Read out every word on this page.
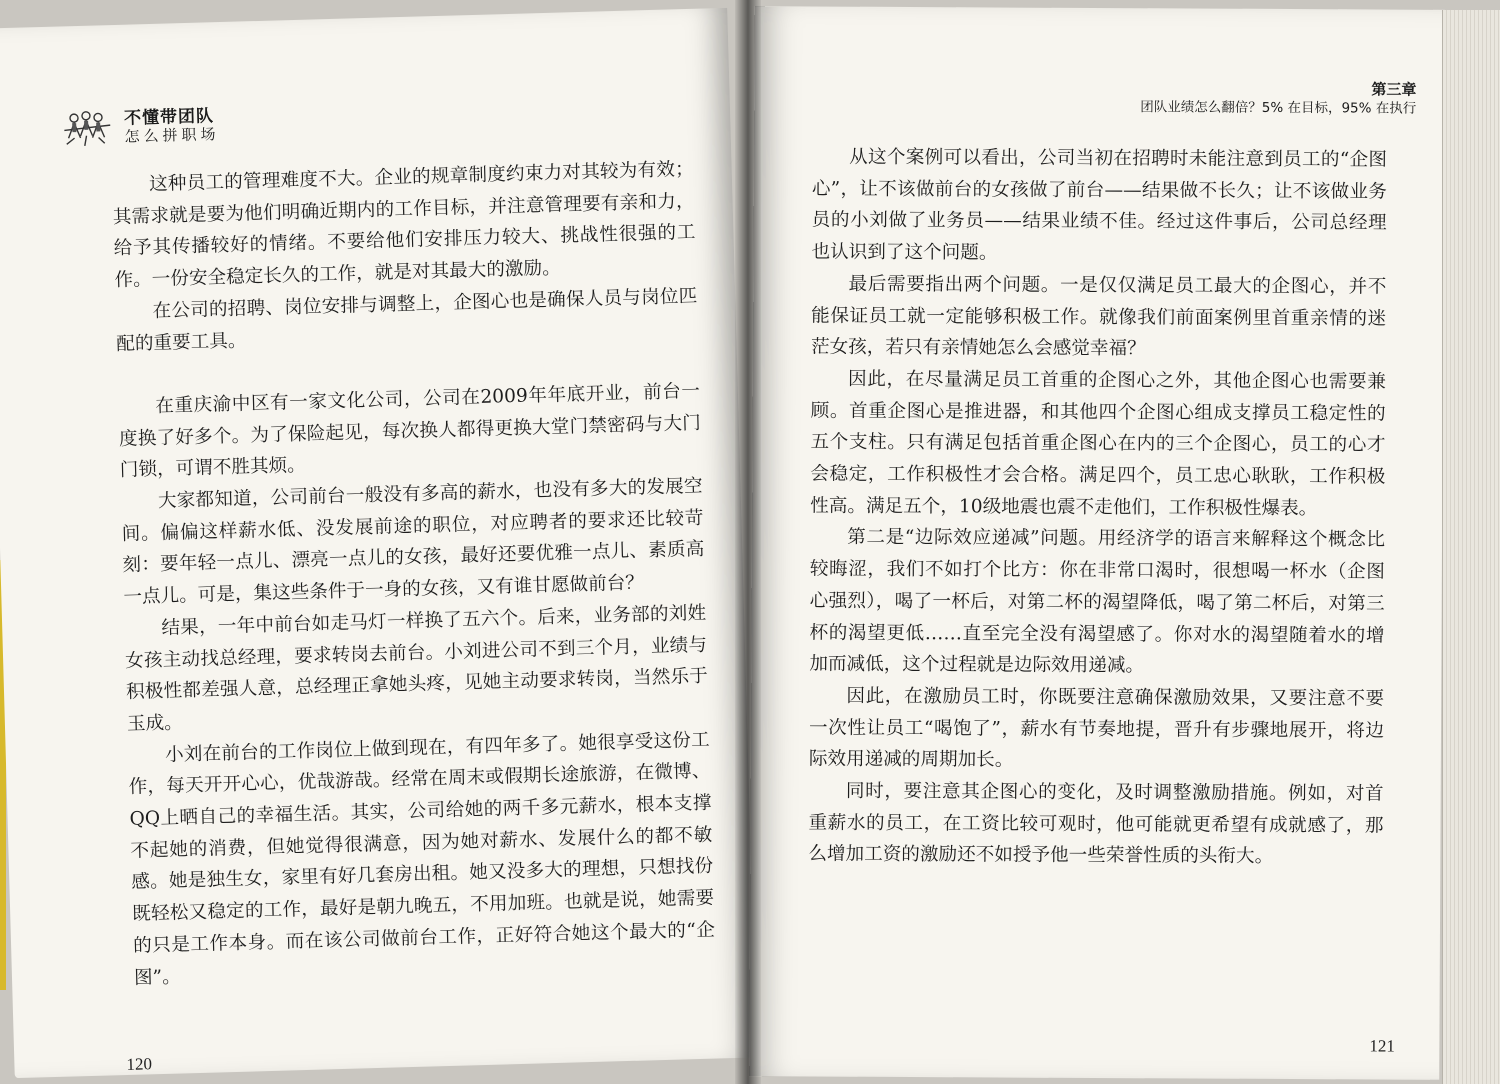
不懂带团队
怎么拼职场

这种员工的管理难度不大。企业的规章制度约束力对其较为有效；其需求就是要为他们明确近期内的工作目标，并注意管理要有亲和力，给予其传播较好的情绪。不要给他们安排压力较大、挑战性很强的工作。一份安全稳定长久的工作，就是对其最大的激励。

在公司的招聘、岗位安排与调整上，企图心也是确保人员与岗位匹配的重要工具。

在重庆渝中区有一家文化公司，公司在2009年年底开业，前台一度换了好多个。为了保险起见，每次换人都得更换大堂门禁密码与大门门锁，可谓不胜其烦。

大家都知道，公司前台一般没有多高的薪水，也没有多大的发展空间。偏偏这样薪水低、没发展前途的职位，对应聘者的要求还比较苛刻：要年轻一点儿、漂亮一点儿的女孩，最好还要优雅一点儿、素质高一点儿。可是，集这些条件于一身的女孩，又有谁甘愿做前台？

结果，一年中前台如走马灯一样换了五六个。后来，业务部的刘姓女孩主动找总经理，要求转岗去前台。小刘进公司不到三个月，业绩与积极性都差强人意，总经理正拿她头疼，见她主动要求转岗，当然乐于玉成。

小刘在前台的工作岗位上做到现在，有四年多了。她很享受这份工作，每天开开心心，优哉游哉。经常在周末或假期长途旅游，在微博、QQ上晒自己的幸福生活。其实，公司给她的两千多元薪水，根本支撑不起她的消费，但她觉得很满意，因为她对薪水、发展什么的都不敏感。她是独生女，家里有好几套房出租。她又没多大的理想，只想找份既轻松又稳定的工作，最好是朝九晚五，不用加班。也就是说，她需要的只是工作本身。而在该公司做前台工作，正好符合她这个最大的“企图”。

120
第三章
团队业绩怎么翻倍？5% 在目标，95% 在执行

从这个案例可以看出，公司当初在招聘时未能注意到员工的“企图心”，让不该做前台的女孩做了前台——结果做不长久；让不该做业务员的小刘做了业务员——结果业绩不佳。经过这件事后，公司总经理也认识到了这个问题。

最后需要指出两个问题。一是仅仅满足员工最大的企图心，并不能保证员工就一定能够积极工作。就像我们前面案例里首重亲情的迷茫女孩，若只有亲情她怎么会感觉幸福？

因此，在尽量满足员工首重的企图心之外，其他企图心也需要兼顾。首重企图心是推进器，和其他四个企图心组成支撑员工稳定性的五个支柱。只有满足包括首重企图心在内的三个企图心，员工的心才会稳定，工作积极性才会合格。满足四个，员工忠心耿耿，工作积极性高。满足五个，10级地震也震不走他们，工作积极性爆表。

第二是“边际效应递减”问题。用经济学的语言来解释这个概念比较晦涩，我们不如打个比方：你在非常口渴时，很想喝一杯水（企图心强烈），喝了一杯后，对第二杯的渴望降低，喝了第二杯后，对第三杯的渴望更低……直至完全没有渴望感了。你对水的渴望随着水的增加而减低，这个过程就是边际效用递减。

因此，在激励员工时，你既要注意确保激励效果，又要注意不要一次性让员工“喝饱了”，薪水有节奏地提，晋升有步骤地展开，将边际效用递减的周期加长。

同时，要注意其企图心的变化，及时调整激励措施。例如，对首重薪水的员工，在工资比较可观时，他可能就更希望有成就感了，那么增加工资的激励还不如授予他一些荣誉性质的头衔大。

121
